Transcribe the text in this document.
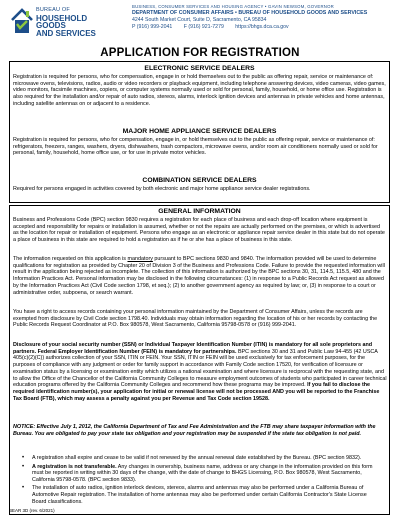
BUREAU OF
HOUSEHOLD GOODS
AND SERVICES
BUSINESS, CONSUMER SERVICES AND HOUSING AGENCY • GAVIN NEWSOM, GOVERNOR
DEPARTMENT OF CONSUMER AFFAIRS • BUREAU OF HOUSEHOLD GOODS AND SERVICES
4244 South Market Court, Suite D, Sacramento, CA 95834
P (916) 999-2041 F (916) 921-7279 https://bhgs.dca.ca.gov
APPLICATION FOR REGISTRATION
ELECTRONIC SERVICE DEALERS
Registration is required for persons, who for compensation, engage in or hold themselves out to the public as offering repair, service or maintenance of: microwave ovens, televisions, radios, audio or video recorders or playback equipment, including telephone answering devices, video cameras, video games, video monitors, facsimile machines, copiers, or computer systems normally used or sold for personal, family, household, or home office use. Registration is also required for the installation and/or repair of auto radios, stereos, alarms, interlock ignition devices and antennas in private vehicles and home antennas, including satellite antennas on or adjacent to a residence.
MAJOR HOME APPLIANCE SERVICE DEALERS
Registration is required for persons, who for compensation, engage in, or hold themselves out to the public as offering repair, service or maintenance of: refrigerators, freezers, ranges, washers, dryers, dishwashers, trash compactors, microwave ovens, and/or room air conditioners normally used or sold for personal, family, household, home office use, or for use in private motor vehicles.
COMBINATION SERVICE DEALERS
Required for persons engaged in activities covered by both electronic and major home appliance service dealer registrations.
GENERAL INFORMATION
Business and Professions Code (BPC) section 9830 requires a registration for each place of business and each drop-off location where equipment is accepted and responsibility for repairs or installation is assumed, whether or not the repairs are actually performed on the premises, or which is advertised as the location for repair or installation of equipment. Persons who engage as an electronic or appliance repair service dealer in this state but do not operate a place of business in this state are required to hold a registration as if he or she has a place of business in this state.
The information requested on this application is mandatory pursuant to BPC sections 9830 and 9840. The information provided will be used to determine qualifications for registration as provided by Chapter 20 of Division 3 of the Business and Professions Code. Failure to provide the requested information will result in the application being rejected as incomplete. The collection of this information is authorized by the BPC sections 30, 31, 114.5, 115.5, 480 and the Information Practices Act. Personal information may be disclosed in the following circumstances: (1) in response to a Public Records Act request as allowed by the Information Practices Act (Civil Code section 1798, et seq.); (2) to another government agency as required by law; or, (3) in response to a court or administrative order, subpoena, or search warrant.
You have a right to access records containing your personal information maintained by the Department of Consumer Affairs, unless the records are exempted from disclosure by Civil Code section 1798.40. Individuals may obtain information regarding the location of his or her records by contacting the Public Records Request Coordinator at P.O. Box 980578, West Sacramento, California 95798-0578 or (916) 999-2041.
Disclosure of your social security number (SSN) or Individual Taxpayer Identification Number (ITIN) is mandatory for all sole proprietors and partners. Federal Employer Identification Number (FEIN) is mandatory for partnerships. BPC sections 30 and 31 and Public Law 94-455 (42 USCA 405(c)(2)(C)) authorizes collection of your SSN, ITIN or FEIN. Your SSN, ITIN or FEIN will be used exclusively for tax enforcement purposes, for the purposes of compliance with any judgment or order for family support in accordance with Family Code section 17520, for verification of licensure or examination status by a licensing or examination entity which utilizes a national examination and where licensure is reciprocal with the requesting state, and to allow the Office of the Chancellor of the California Community Colleges to measure employment outcomes of students who participated in career technical education programs offered by the California Community Colleges and recommend how these programs may be improved. If you fail to disclose the required identification number(s), your application for initial or renewal license will not be processed AND you will be reported to the Franchise Tax Board (FTB), which may assess a penalty against you per Revenue and Tax Code section 19528.
NOTICE: Effective July 1, 2012, the California Department of Tax and Fee Administration and the FTB may share taxpayer information with the Bureau. You are obligated to pay your state tax obligation and your registration may be suspended if the state tax obligation is not paid.
• A registration shall expire and cease to be valid if not renewed by the annual renewal date established by the Bureau. (BPC section 9832).
• A registration is not transferable. Any changes in ownership, business name, address or any change in the information provided on this form must be reported in writing within 30 days of the change, with the date of change to BHGS Licensing, P.O. Box 980578, West Sacramento, California 95798-0578. (BPC section 9833).
• The installation of auto radios, ignition interlock devices, stereos, alarms and antennas may also be performed under a California Bureau of Automotive Repair registration. The installation of home antennas may also be performed under certain California Contractor's State License Board classifications.
BEAR 3D (rev. 6/2021)
